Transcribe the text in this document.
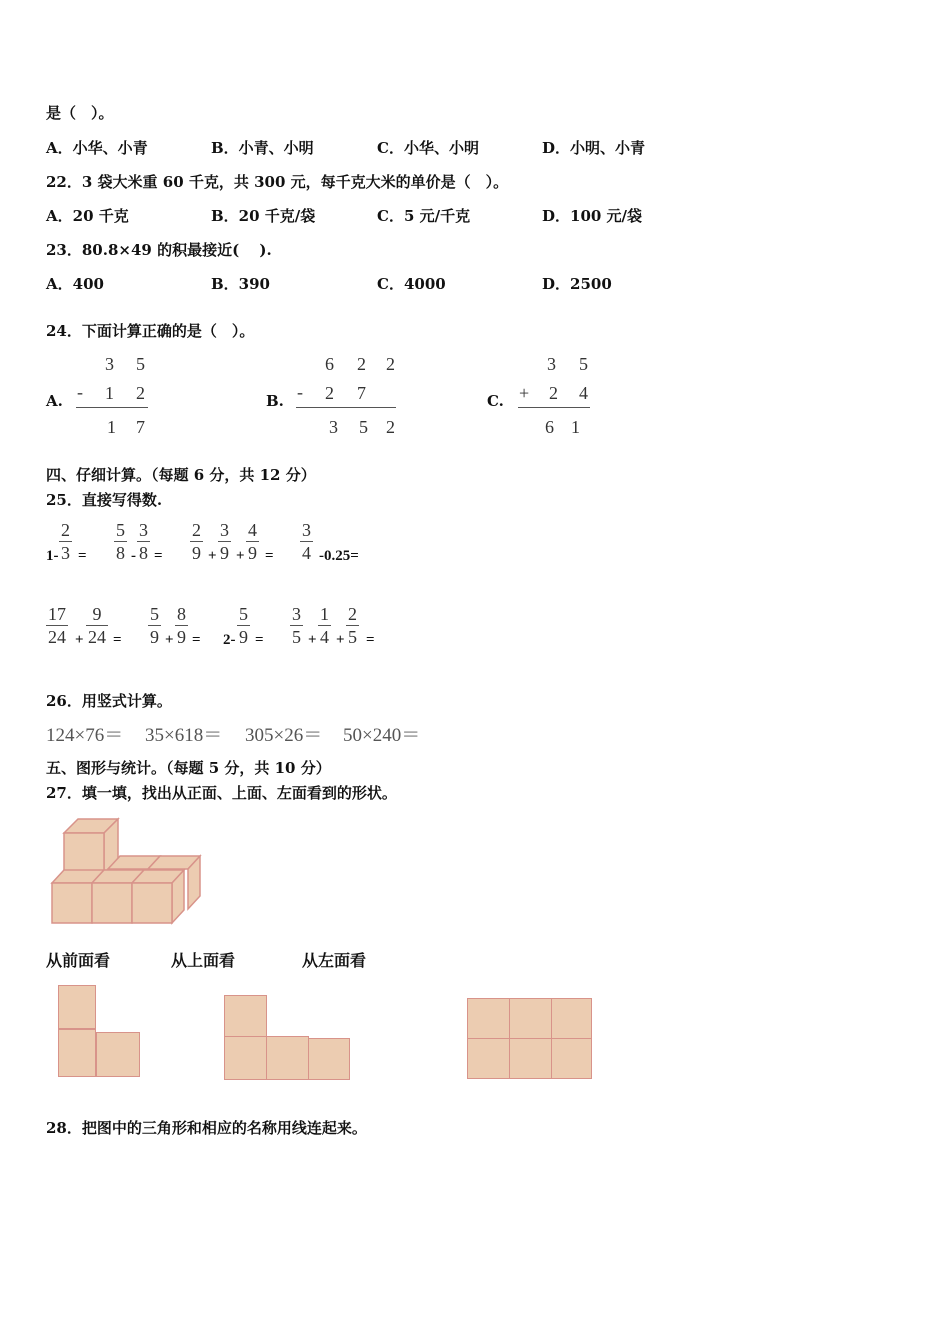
是（　）。
A．小华、小青	B．小青、小明	C．小华、小明	D．小明、小青
22．3 袋大米重 60 千克，共 300 元，每千克大米的单价是（　）。
A．20 千克	B．20 千克/袋	C．5 元/千克	D．100 元/袋
23．80.8×49 的积最接近(　 ).
A．400	B．390	C．4000	D．2500
24．下面计算正确的是（　）。
A.
3 5
- 1 2
1 7
B.
6 2 2
- 2 7
3 5 2
C.
3 5
+ 2 4
6 1
四、仔细计算。（每题 6 分，共 12 分）
25．直接写得数.
$1- \frac{2}{3} = \frac{5}{8} - \frac{3}{8} = \frac{2}{9} + \frac{3}{9} + \frac{4}{9} = \frac{3}{4} -0.25=$
$\frac{17}{24} + \frac{9}{24} = \frac{5}{9} + \frac{8}{9} = 2- \frac{5}{9} = \frac{3}{5} + \frac{1}{4} + \frac{2}{5}$ =
26．用竖式计算。
124×76＝ 35×618＝ 305×26＝ 50×240＝
五、图形与统计。（每题 5 分，共 10 分）
27．填一填，找出从正面、上面、左面看到的形状。
从前面看	从上面看	从左面看
28．把图中的三角形和相应的名称用线连起来。
